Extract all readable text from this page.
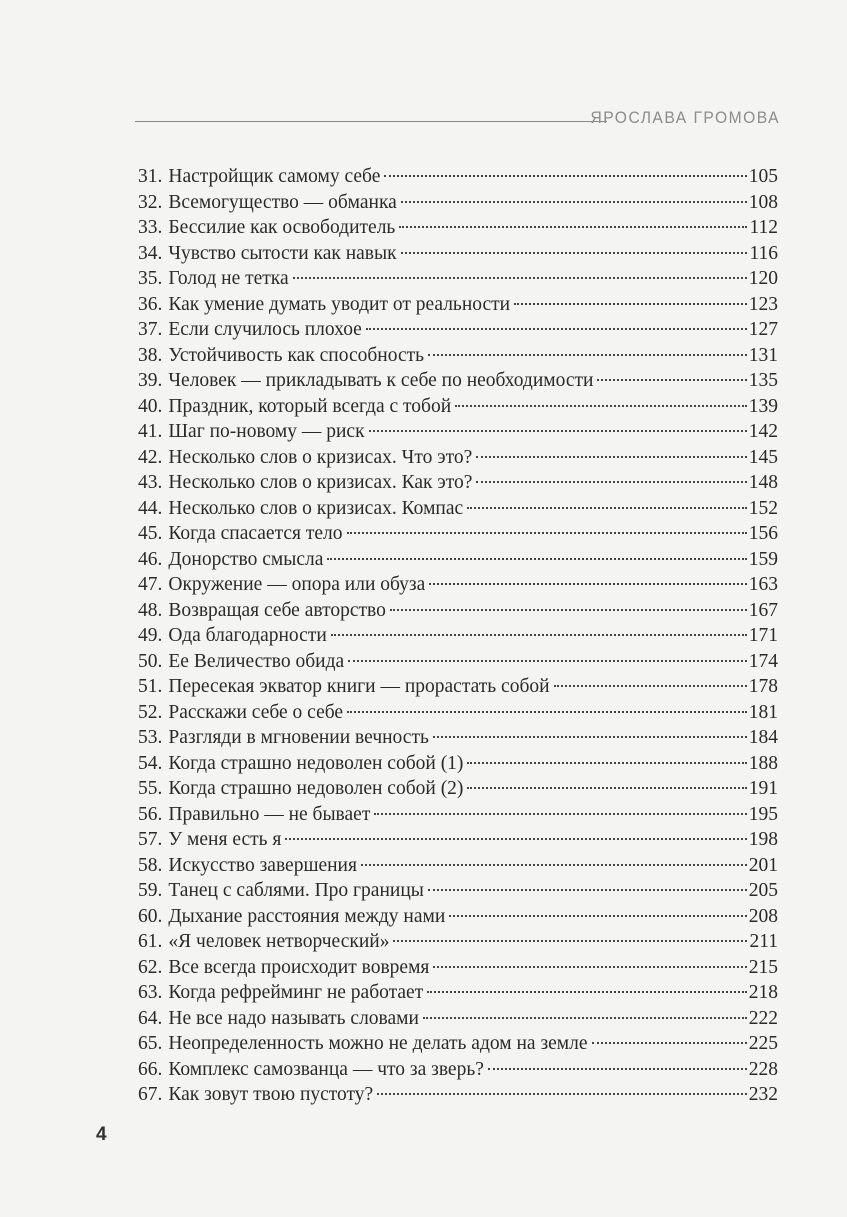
ЯРОСЛАВА ГРОМОВА
31. Настройщик самому себе	105
32. Всемогущество — обманка	108
33. Бессилие как освободитель	112
34. Чувство сытости как навык	116
35. Голод не тетка	120
36. Как умение думать уводит от реальности	123
37. Если случилось плохое	127
38. Устойчивость как способность	131
39. Человек — прикладывать к себе по необходимости	135
40. Праздник, который всегда с тобой	139
41. Шаг по-новому — риск	142
42. Несколько слов о кризисах. Что это?	145
43. Несколько слов о кризисах. Как это?	148
44. Несколько слов о кризисах. Компас	152
45. Когда спасается тело	156
46. Донорство смысла	159
47. Окружение — опора или обуза	163
48. Возвращая себе авторство	167
49. Ода благодарности	171
50. Ее Величество обида	174
51. Пересекая экватор книги — прорастать собой	178
52. Расскажи себе о себе	181
53. Разгляди в мгновении вечность	184
54. Когда страшно недоволен собой (1)	188
55. Когда страшно недоволен собой (2)	191
56. Правильно — не бывает	195
57. У меня есть я	198
58. Искусство завершения	201
59. Танец с саблями. Про границы	205
60. Дыхание расстояния между нами	208
61. «Я человек нетворческий»	211
62. Все всегда происходит вовремя	215
63. Когда рефрейминг не работает	218
64. Не все надо называть словами	222
65. Неопределенность можно не делать адом на земле	225
66. Комплекс самозванца — что за зверь?	228
67. Как зовут твою пустоту?	232
4
